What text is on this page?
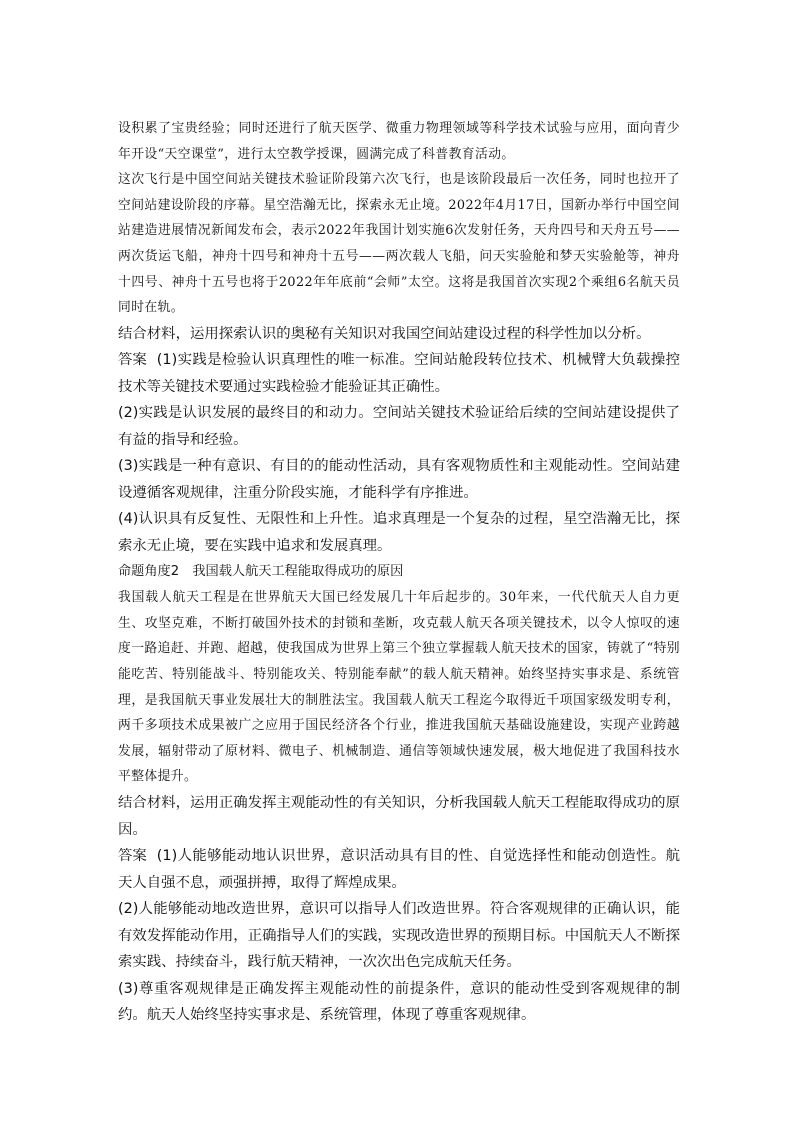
设积累了宝贵经验；同时还进行了航天医学、微重力物理领域等科学技术试验与应用，面向青少年开设“天空课堂”，进行太空教学授课，圆满完成了科普教育活动。

这次飞行是中国空间站关键技术验证阶段第六次飞行，也是该阶段最后一次任务，同时也拉开了空间站建设阶段的序幕。星空浩瀚无比，探索永无止境。2022年4月17日，国新办举行中国空间站建造进展情况新闻发布会，表示2022年我国计划实施6次发射任务，天舟四号和天舟五号——两次货运飞船，神舟十四号和神舟十五号——两次载人飞船，问天实验舱和梦天实验舱等，神舟十四号、神舟十五号也将于2022年年底前“会师”太空。这将是我国首次实现2个乘组6名航天员同时在轨。

结合材料，运用探索认识的奥秘有关知识对我国空间站建设过程的科学性加以分析。

答案 (1)实践是检验认识真理性的唯一标准。空间站舱段转位技术、机械臂大负载操控技术等关键技术要通过实践检验才能验证其正确性。

(2)实践是认识发展的最终目的和动力。空间站关键技术验证给后续的空间站建设提供了有益的指导和经验。

(3)实践是一种有意识、有目的的能动性活动，具有客观物质性和主观能动性。空间站建设遵循客观规律，注重分阶段实施，才能科学有序推进。

(4)认识具有反复性、无限性和上升性。追求真理是一个复杂的过程，星空浩瀚无比，探索永无止境，要在实践中追求和发展真理。

命题角度2　我国载人航天工程能取得成功的原因

我国载人航天工程是在世界航天大国已经发展几十年后起步的。30年来，一代代航天人自力更生、攻坚克难，不断打破国外技术的封锁和垄断，攻克载人航天各项关键技术，以令人惊叹的速度一路追赶、并跑、超越，使我国成为世界上第三个独立掌握载人航天技术的国家，铸就了“特别能吃苦、特别能战斗、特别能攻关、特别能奉献”的载人航天精神。始终坚持实事求是、系统管理，是我国航天事业发展壮大的制胜法宝。我国载人航天工程迄今取得近千项国家级发明专利，两千多项技术成果被广之应用于国民经济各个行业，推进我国航天基础设施建设，实现产业跨越发展，辐射带动了原材料、微电子、机械制造、通信等领域快速发展，极大地促进了我国科技水平整体提升。

结合材料，运用正确发挥主观能动性的有关知识，分析我国载人航天工程能取得成功的原因。

答案 (1)人能够能动地认识世界，意识活动具有目的性、自觉选择性和能动创造性。航天人自强不息，顽强拼搏，取得了辉煌成果。

(2)人能够能动地改造世界，意识可以指导人们改造世界。符合客观规律的正确认识，能有效发挥能动作用，正确指导人们的实践，实现改造世界的预期目标。中国航天人不断探索实践、持续奋斗，践行航天精神，一次次出色完成航天任务。

(3)尊重客观规律是正确发挥主观能动性的前提条件，意识的能动性受到客观规律的制约。航天人始终坚持实事求是、系统管理，体现了尊重客观规律。
